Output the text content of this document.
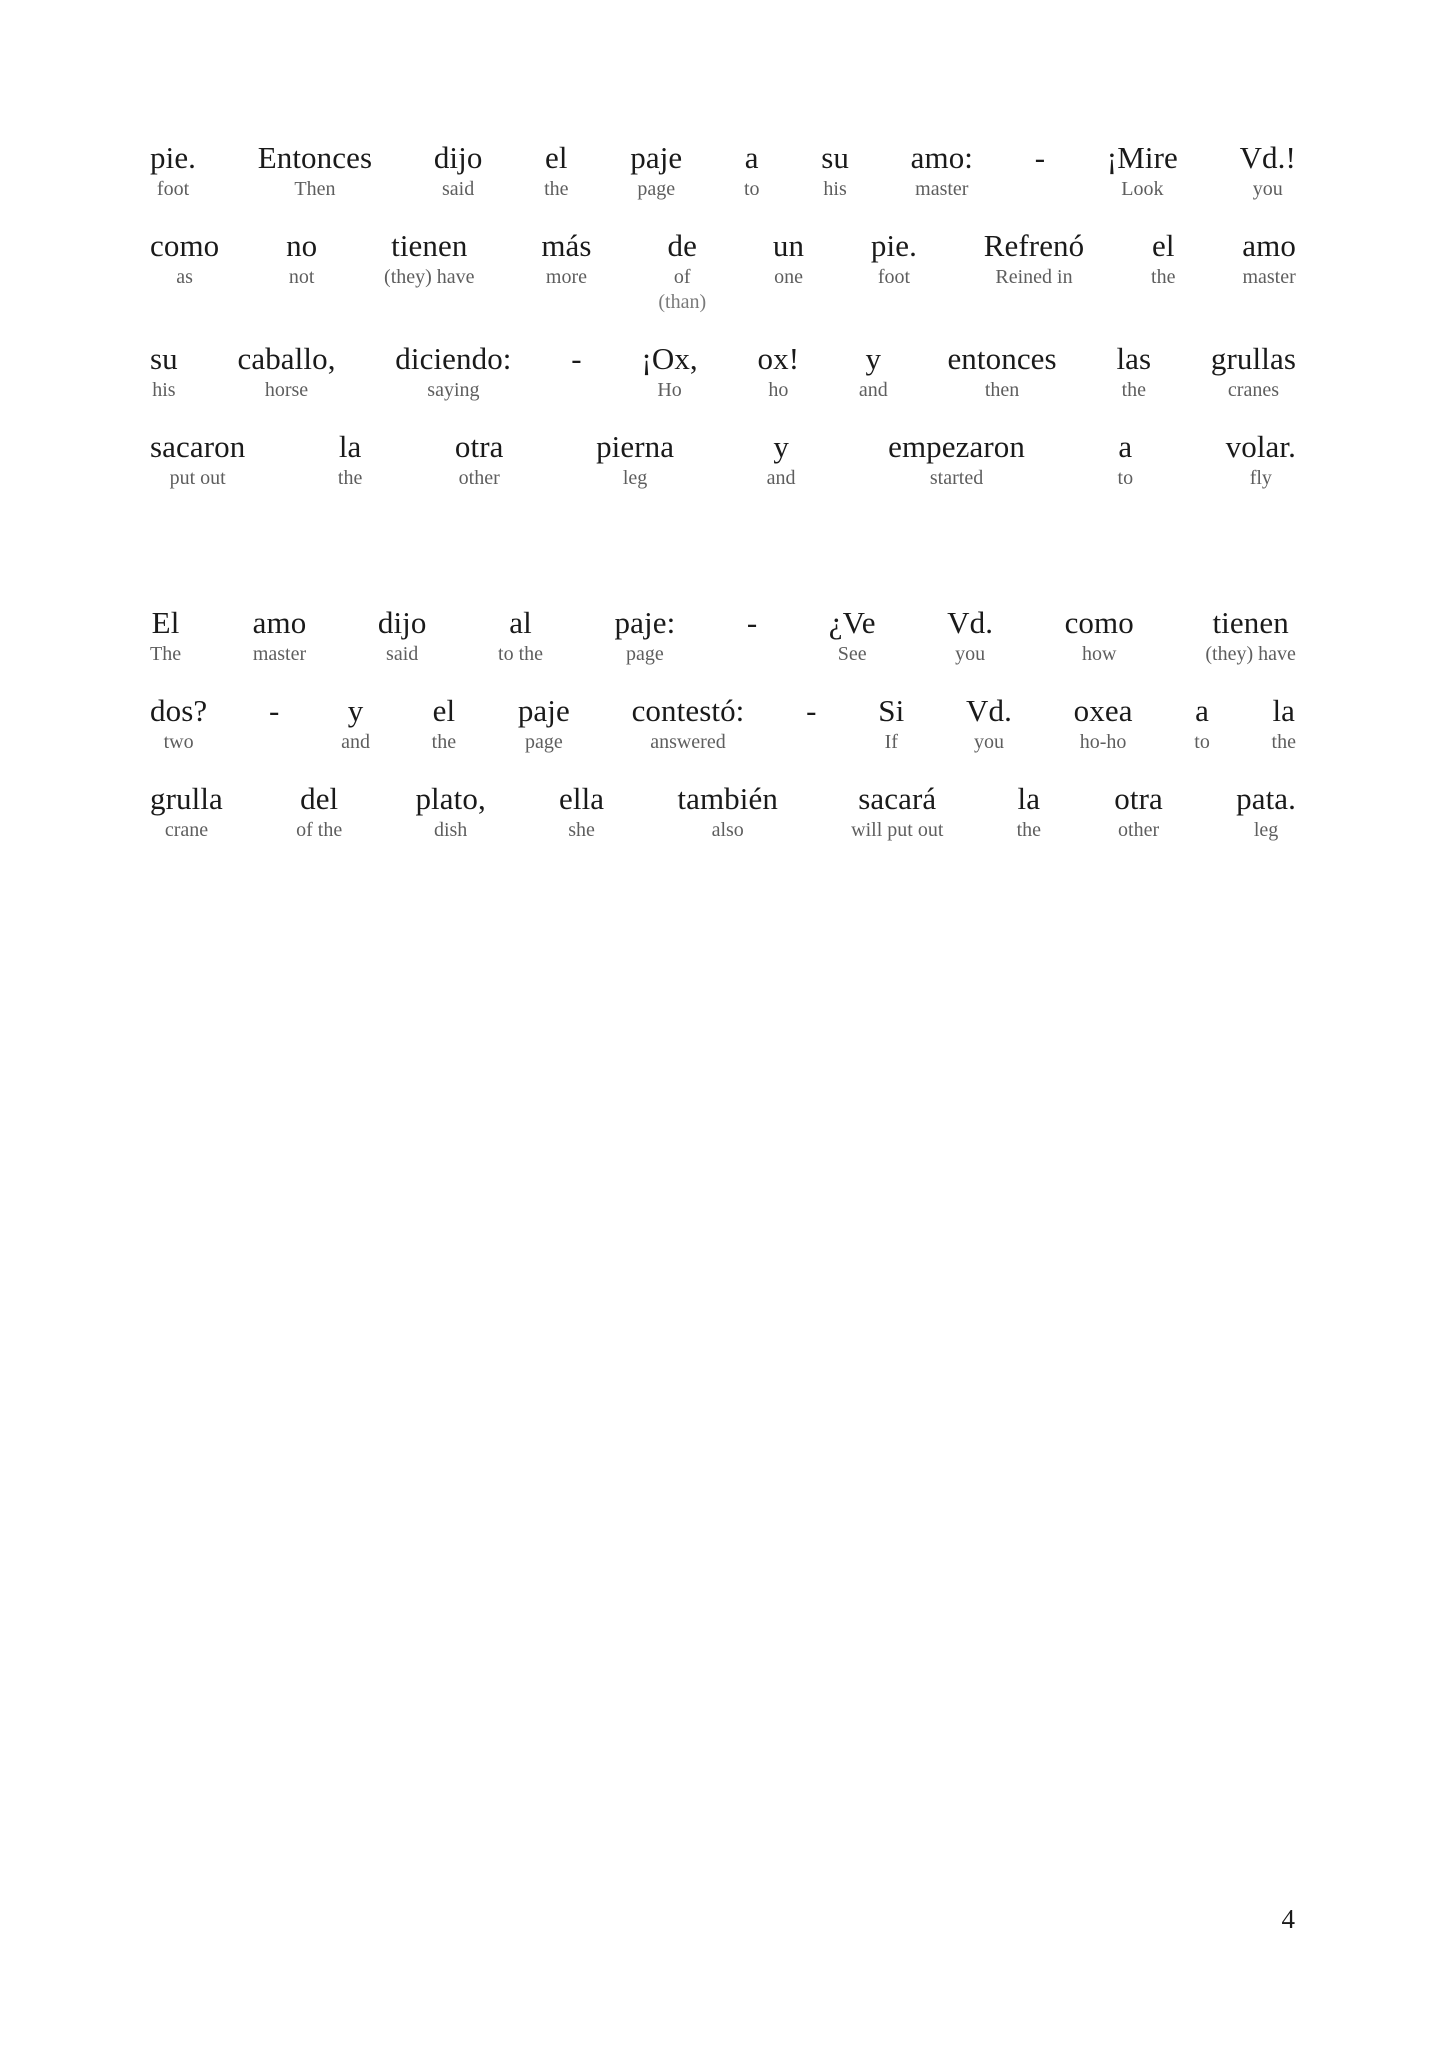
pie.
foot
Entonces
Then
dijo
said
el
the
paje
page
a
to
su
his
amo:
master
- ¡Mire
Look
Vd.!
you
como
as
no
not
tienen
(they) have
más
more
de
of
(than)
un
one
pie.
foot
Refrenó
Reined in
el
the
amo
master
su
his
caballo,
horse
diciendo:
saying
- ¡Ox,
Ho
ox!
ho
y
and
entonces
then
las
the
grullas
cranes
sacaron
put out
la
the
otra
other
pierna
leg
y
and
empezaron
started
a
to
volar.
fly
El
The
amo
master
dijo
said
al
to the
paje:
page
- ¿Ve
See
Vd.
you
como
how
tienen
(they) have
dos?
two
- y
and
el
the
paje
page
contestó:
answered
- Si
If
Vd.
you
oxea
ho-ho
a
to
la
the
grulla
crane
del
of the
plato,
dish
ella
she
también
also
sacará
will put out
la
the
otra
other
pata.
leg
4
